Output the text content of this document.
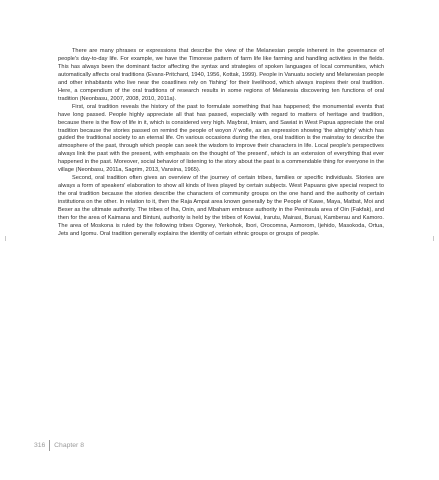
There are many phrases or expressions that describe the view of the Melanesian people inherent in the governance of people's day-to-day life. For example, we have the Timorese pattern of farm life like farming and handling activities in the fields. This has always been the dominant factor affecting the syntax and strategies of spoken languages of local communities, which automatically affects oral traditions (Evans-Pritchard, 1940, 1956, Kottak, 1999). People in Vanuatu society and Melanesian people and other inhabitants who live near the coastlines rely on 'fishing' for their livelihood, which always inspires their oral tradition. Here, a compendium of the oral traditions of research results in some regions of Melanesia discovering ten functions of oral tradition (Neonbasu, 2007, 2008, 2010, 2011a).

First, oral tradition reveals the history of the past to formulate something that has happened; the monumental events that have long passed. People highly appreciate all that has passed, especially with regard to matters of heritage and tradition, because there is the flow of life in it, which is considered very high. Maybrat, Imiam, and Sawiat in West Papua appreciate the oral tradition because the stories passed on remind the people of woyon // wofle, as an expression showing 'the almighty' which has guided the traditional society to an eternal life. On various occasions during the rites, oral tradition is the mainstay to describe the atmosphere of the past, through which people can seek the wisdom to improve their characters in life. Local people's perspectives always link the past with the present, with emphasis on the thought of 'the present', which is an extension of everything that ever happened in the past. Moreover, social behavior of listening to the story about the past is a commendable thing for everyone in the village (Neonbasu, 2011a, Sagrim, 2013, Vansina, 1965).

Second, oral tradition often gives an overview of the journey of certain tribes, families or specific individuals. Stories are always a form of speakers' elaboration to show all kinds of lives played by certain subjects. West Papuans give special respect to the oral tradition because the stories describe the characters of community groups on the one hand and the authority of certain institutions on the other. In relation to it, then the Raja Ampat area known generally by the People of Kawe, Maya, Matbat, Moi and Beser as the ultimate authority. The tribes of Iha, Onin, and Mbaham embrace authority in the Peninsula area of Oin (Fakfak), and then for the area of Kaimana and Bintuni, authority is held by the tribes of Kowiai, Irarutu, Mairasi, Buruai, Kamberau and Kamoro. The area of Moskona is ruled by the following tribes Ogoney, Yerkohok, Ibori, Orocomna, Asmorom, Ijehido, Masokoda, Ortua, Jets and Igomu. Oral tradition generally explains the identity of certain ethnic groups or groups of people.

316	Chapter 8
